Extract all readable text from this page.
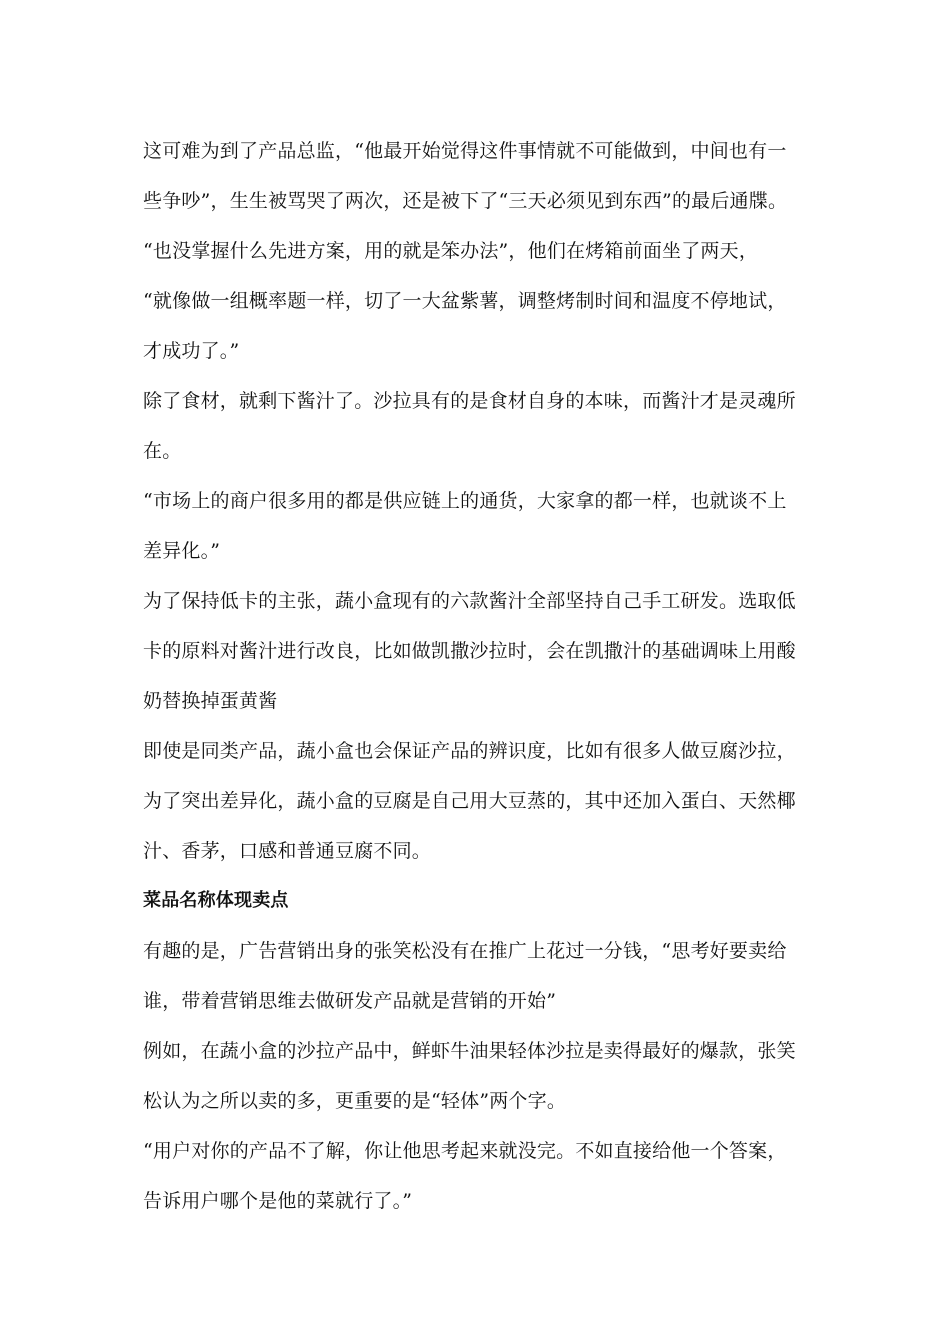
这可难为到了产品总监，“他最开始觉得这件事情就不可能做到，中间也有一
些争吵”，生生被骂哭了两次，还是被下了“三天必须见到东西”的最后通牒。
“也没掌握什么先进方案，用的就是笨办法”，他们在烤箱前面坐了两天，
“就像做一组概率题一样，切了一大盆紫薯，调整烤制时间和温度不停地试，
才成功了。”
除了食材，就剩下酱汁了。沙拉具有的是食材自身的本味，而酱汁才是灵魂所
在。
“市场上的商户很多用的都是供应链上的通货，大家拿的都一样，也就谈不上
差异化。”
为了保持低卡的主张，蔬小盒现有的六款酱汁全部坚持自己手工研发。选取低
卡的原料对酱汁进行改良，比如做凯撒沙拉时，会在凯撒汁的基础调味上用酸
奶替换掉蛋黄酱
即使是同类产品，蔬小盒也会保证产品的辨识度，比如有很多人做豆腐沙拉，
为了突出差异化，蔬小盒的豆腐是自己用大豆蒸的，其中还加入蛋白、天然椰
汁、香茅，口感和普通豆腐不同。
菜品名称体现卖点
有趣的是，广告营销出身的张笑松没有在推广上花过一分钱，“思考好要卖给
谁，带着营销思维去做研发产品就是营销的开始”
例如，在蔬小盒的沙拉产品中，鲜虾牛油果轻体沙拉是卖得最好的爆款，张笑
松认为之所以卖的多，更重要的是“轻体”两个字。
“用户对你的产品不了解，你让他思考起来就没完。不如直接给他一个答案，
告诉用户哪个是他的菜就行了。”
